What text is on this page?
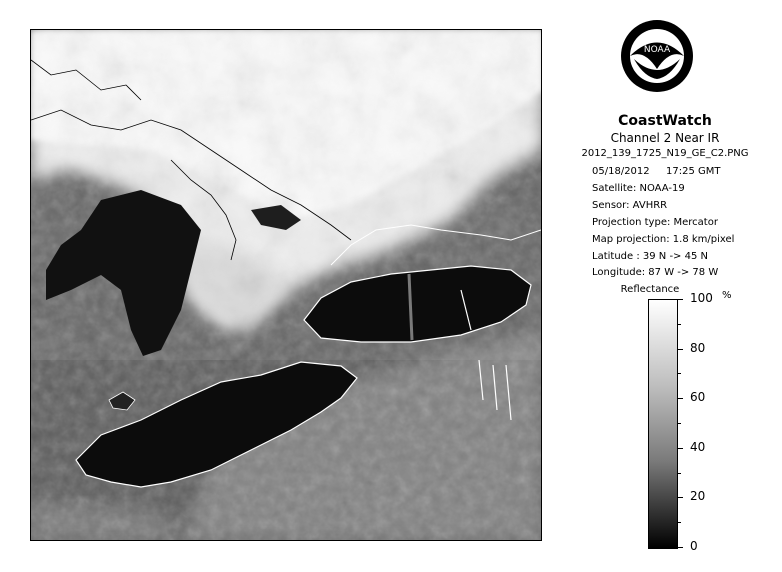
NOAA
CoastWatch
Channel 2 Near IR
2012_139_1725_N19_GE_C2.PNG
05/18/2012 17:25 GMT
Satellite: NOAA-19
Sensor: AVHRR
Projection type: Mercator
Map projection: 1.8 km/pixel
Latitude : 39 N -> 45 N
Longitude: 87 W -> 78 W
Reflectance
%
100
80
60
40
20
0
